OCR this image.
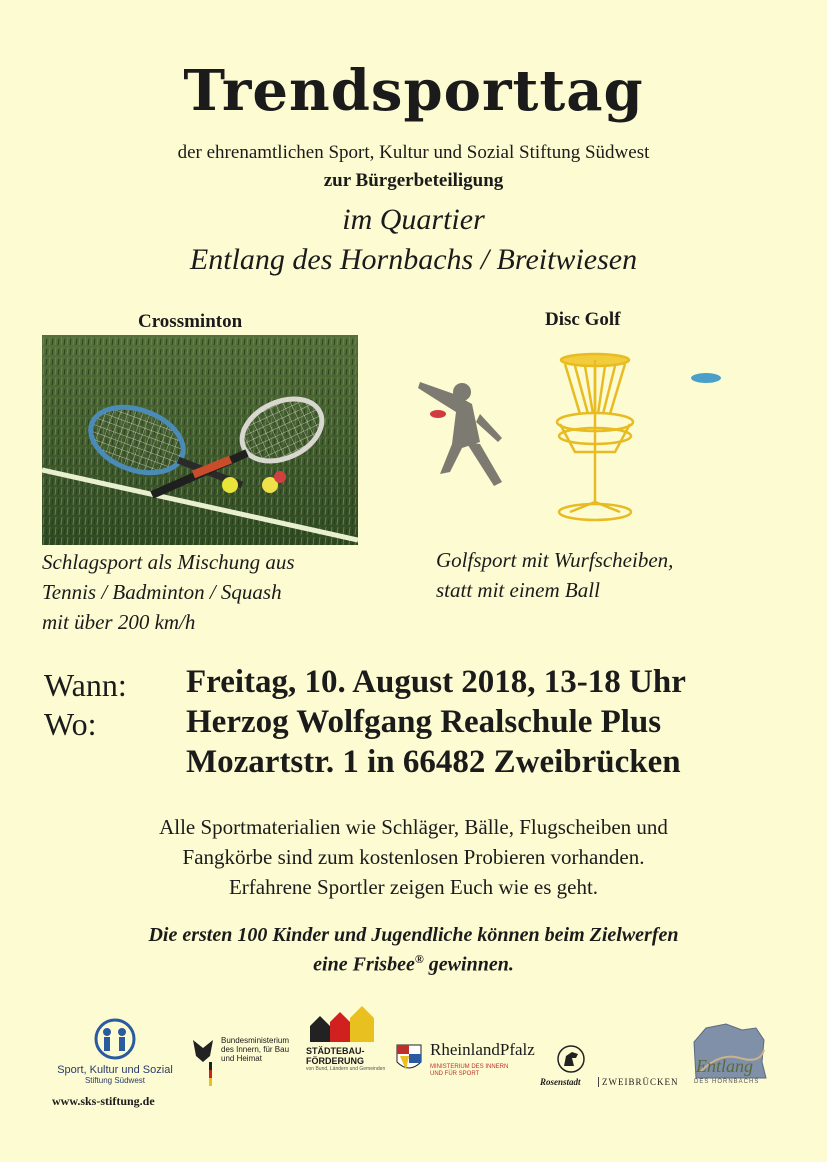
Trendsporttag
der ehrenamtlichen Sport, Kultur und Sozial Stiftung Südwest
zur Bürgerbeteiligung
im Quartier
Entlang des Hornbachs / Breitwiesen
Crossminton	Disc Golf
Schlagsport als Mischung aus
Tennis / Badminton / Squash
mit über 200 km/h
Golfsport mit Wurfscheiben,
statt mit einem Ball
Wann:
Wo:
Freitag, 10. August 2018, 13-18 Uhr
Herzog Wolfgang Realschule Plus
Mozartstr. 1 in 66482 Zweibrücken
Alle Sportmaterialien wie Schläger, Bälle, Flugscheiben und
Fangkörbe sind zum kostenlosen Probieren vorhanden.
Erfahrene Sportler zeigen Euch wie es geht.
Die ersten 100 Kinder und Jugendliche können beim Zielwerfen
eine Frisbee® gewinnen.
Sport, Kultur und Sozial
Stiftung Südwest
www.sks-stiftung.de
Bundesministerium
des Innern, für Bau
und Heimat
STÄDTEBAU-
FÖRDERUNG
von Bund, Ländern und Gemeinden
RheinlandPfalz
MINISTERIUM DES INNERN
UND FÜR SPORT
Rosenstadt	ZWEIBRÜCKEN
Entlang
DES HORNBACHS
